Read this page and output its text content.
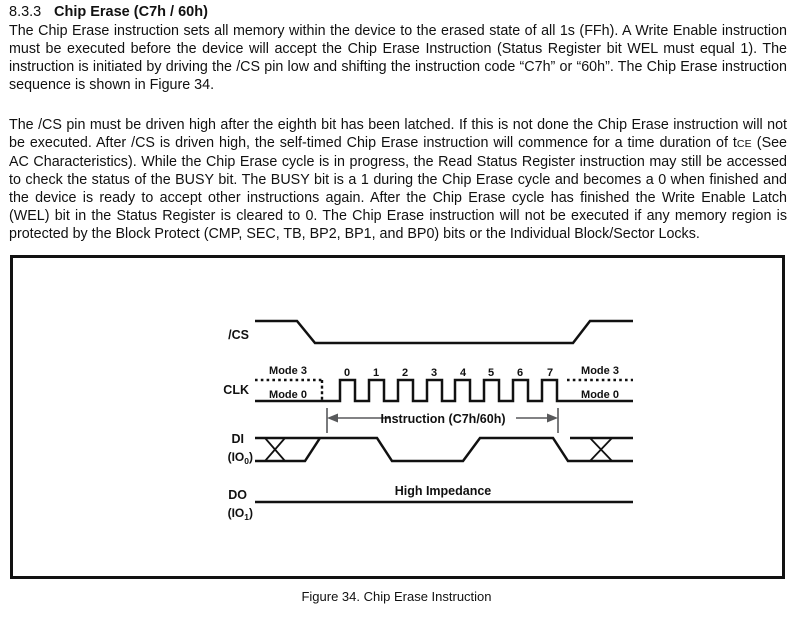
8.3.3 Chip Erase (C7h / 60h)

The Chip Erase instruction sets all memory within the device to the erased state of all 1s (FFh). A Write Enable instruction must be executed before the device will accept the Chip Erase Instruction (Status Register bit WEL must equal 1). The instruction is initiated by driving the /CS pin low and shifting the instruction code “C7h” or “60h”. The Chip Erase instruction sequence is shown in Figure 34.

The /CS pin must be driven high after the eighth bit has been latched. If this is not done the Chip Erase instruction will not be executed. After /CS is driven high, the self-timed Chip Erase instruction will commence for a time duration of tCE (See AC Characteristics). While the Chip Erase cycle is in progress, the Read Status Register instruction may still be accessed to check the status of the BUSY bit. The BUSY bit is a 1 during the Chip Erase cycle and becomes a 0 when finished and the device is ready to accept other instructions again. After the Chip Erase cycle has finished the Write Enable Latch (WEL) bit in the Status Register is cleared to 0. The Chip Erase instruction will not be executed if any memory region is protected by the Block Protect (CMP, SEC, TB, BP2, BP1, and BP0) bits or the Individual Block/Sector Locks.

/CS
CLK
Mode 3
Mode 0
Mode 3
Mode 0
0 1 2 3 4 5 6 7
Instruction (C7h/60h)
DI
$(IO_0)$
DO
$(IO_1)$
High Impedance
Figure 34. Chip Erase Instruction
